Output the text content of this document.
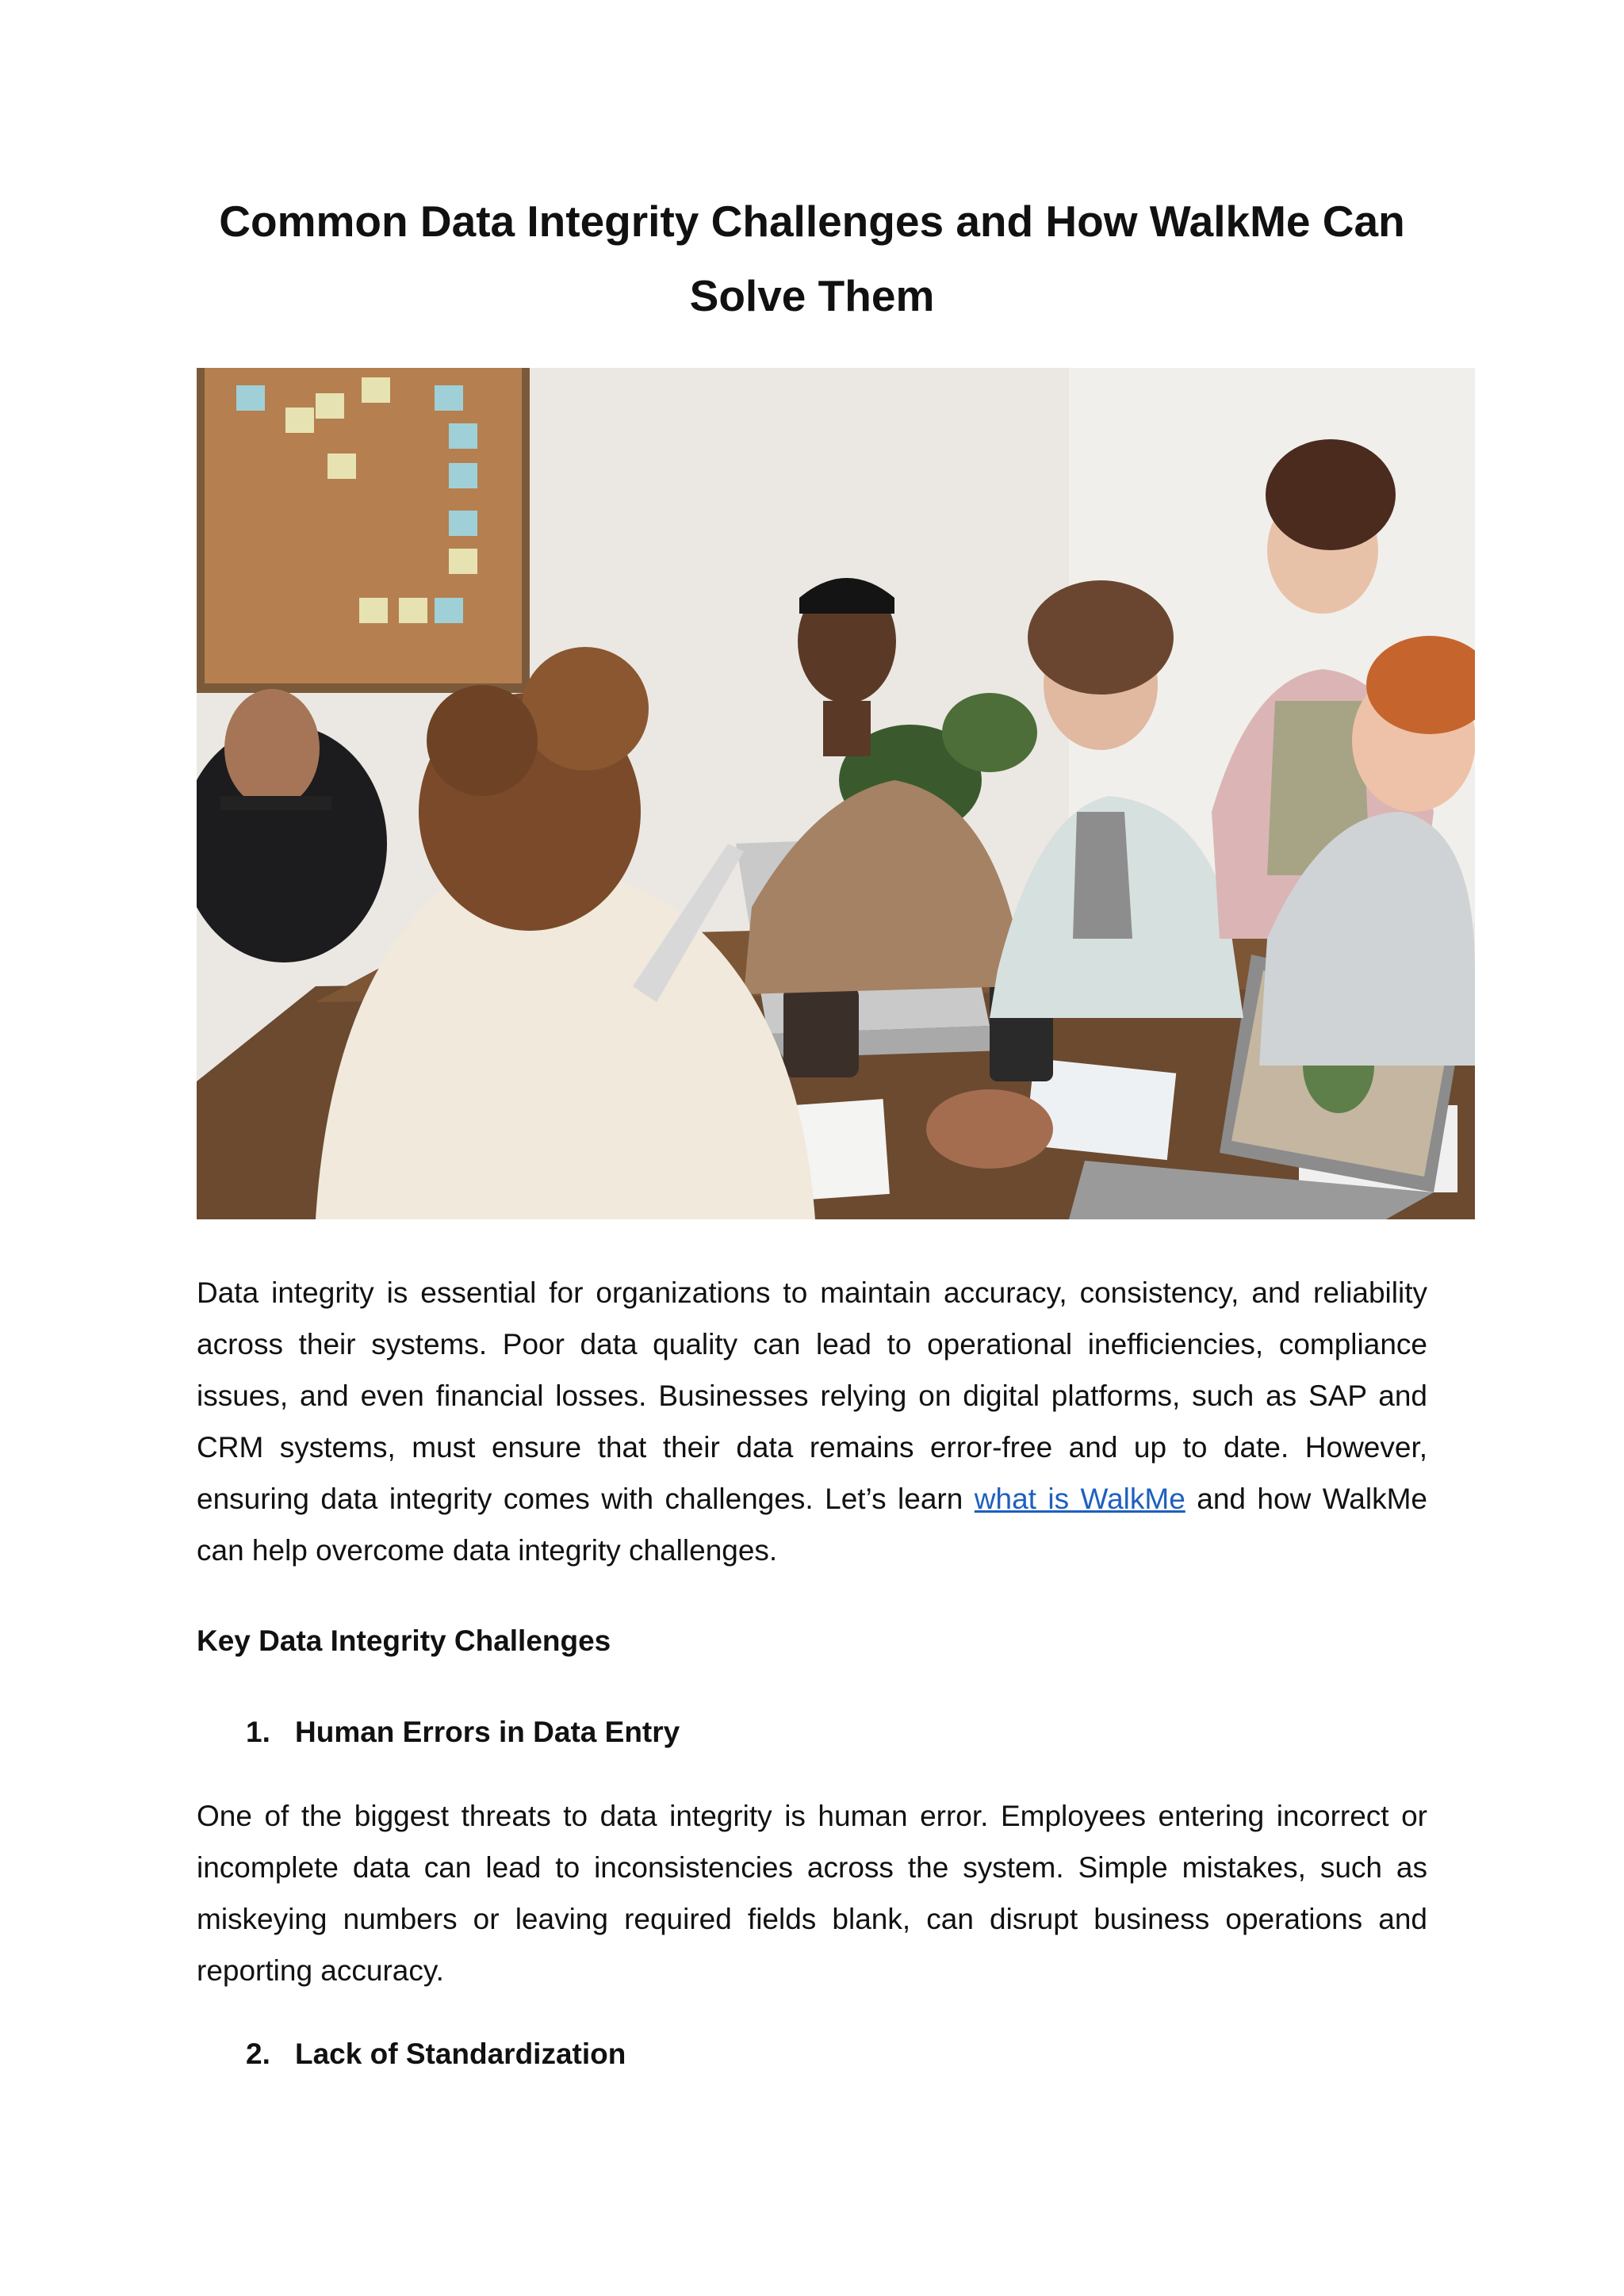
Common Data Integrity Challenges and How WalkMe Can Solve Them
Data integrity is essential for organizations to maintain accuracy, consistency, and reliability across their systems. Poor data quality can lead to operational inefficiencies, compliance issues, and even financial losses. Businesses relying on digital platforms, such as SAP and CRM systems, must ensure that their data remains error-free and up to date. However, ensuring data integrity comes with challenges. Let’s learn what is WalkMe and how WalkMe can help overcome data integrity challenges.
Key Data Integrity Challenges
1. Human Errors in Data Entry
One of the biggest threats to data integrity is human error. Employees entering incorrect or incomplete data can lead to inconsistencies across the system. Simple mistakes, such as miskeying numbers or leaving required fields blank, can disrupt business operations and reporting accuracy.
2. Lack of Standardization
